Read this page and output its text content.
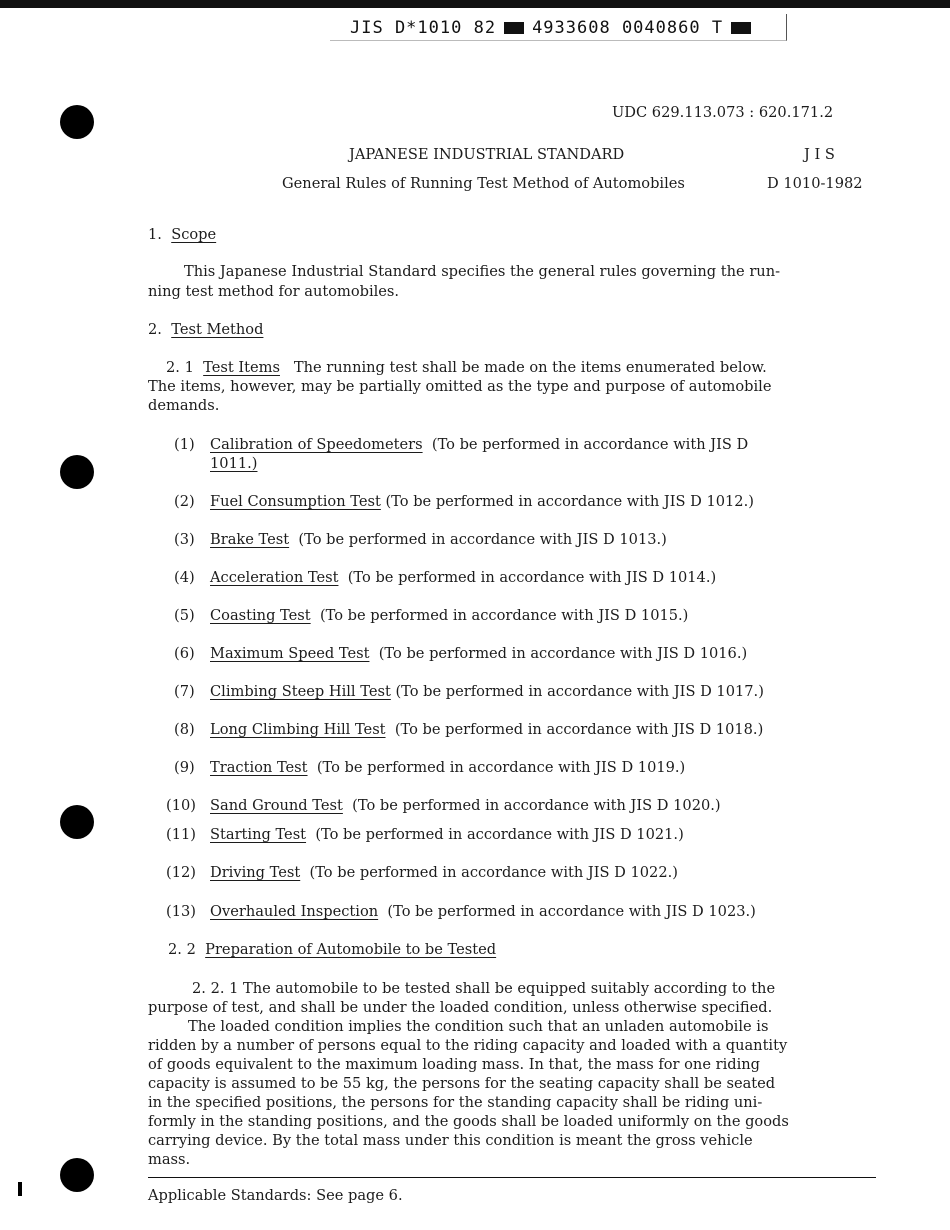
JIS D*1010 82 4933608 0040860 T
UDC 629.113.073 : 620.171.2
JAPANESE INDUSTRIAL STANDARD	J I S
General Rules of Running Test Method of Automobiles	D 1010-1982
1. Scope
This Japanese Industrial Standard specifies the general rules governing the run-
ning test method for automobiles.
2. Test Method
2. 1 Test Items The running test shall be made on the items enumerated below.
The items, however, may be partially omitted as the type and purpose of automobile
demands.
(1) Calibration of Speedometers (To be performed in accordance with JIS D
1011.)
(2) Fuel Consumption Test (To be performed in accordance with JIS D 1012.)
(3) Brake Test (To be performed in accordance with JIS D 1013.)
(4) Acceleration Test (To be performed in accordance with JIS D 1014.)
(5) Coasting Test (To be performed in accordance with JIS D 1015.)
(6) Maximum Speed Test (To be performed in accordance with JIS D 1016.)
(7) Climbing Steep Hill Test (To be performed in accordance with JIS D 1017.)
(8) Long Climbing Hill Test (To be performed in accordance with JIS D 1018.)
(9) Traction Test (To be performed in accordance with JIS D 1019.)
(10) Sand Ground Test (To be performed in accordance with JIS D 1020.)
(11) Starting Test (To be performed in accordance with JIS D 1021.)
(12) Driving Test (To be performed in accordance with JIS D 1022.)
(13) Overhauled Inspection (To be performed in accordance with JIS D 1023.)
2. 2 Preparation of Automobile to be Tested
2. 2. 1 The automobile to be tested shall be equipped suitably according to the
purpose of test, and shall be under the loaded condition, unless otherwise specified.
The loaded condition implies the condition such that an unladen automobile is
ridden by a number of persons equal to the riding capacity and loaded with a quantity
of goods equivalent to the maximum loading mass. In that, the mass for one riding
capacity is assumed to be 55 kg, the persons for the seating capacity shall be seated
in the specified positions, the persons for the standing capacity shall be riding uni-
formly in the standing positions, and the goods shall be loaded uniformly on the goods
carrying device. By the total mass under this condition is meant the gross vehicle
mass.
Applicable Standards: See page 6.
